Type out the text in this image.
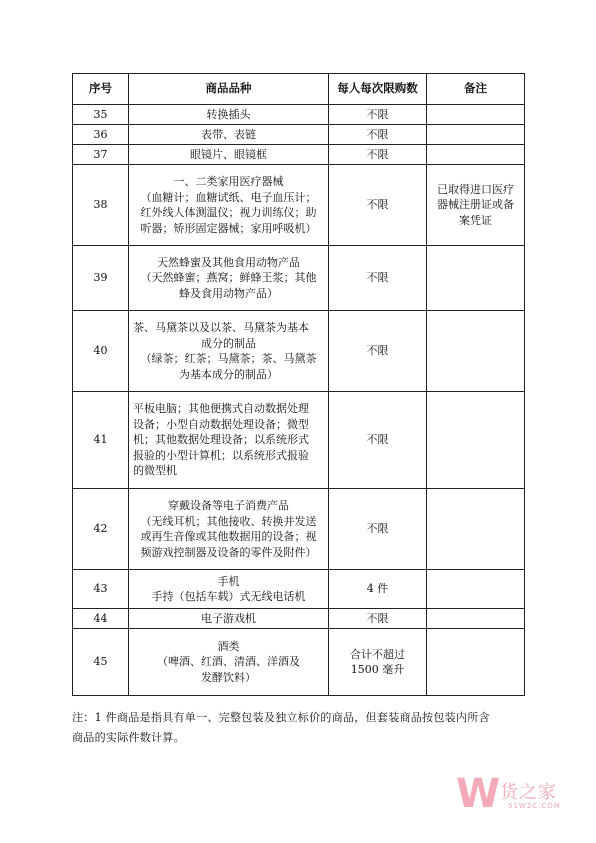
序号	商品品种	每人每次限购数	备注
35	转换插头	不限	

36	表带、表链	不限	

37	眼镜片、眼镜框	不限	

38	一、二类家用医疗器械
（血糖计；血糖试纸、电子血压计；
红外线人体测温仪；视力训练仪；助
听器；矫形固定器械；家用呼吸机）	不限	已取得进口医疗
器械注册证或备
案凭证

39	天然蜂蜜及其他食用动物产品
（天然蜂蜜；燕窝；鲜蜂王浆；其他
蜂及食用动物产品）	不限	

40	茶、马黛茶以及以茶、马黛茶为基本
成分的制品
（绿茶；红茶；马黛茶；茶、马黛茶
为基本成分的制品）	不限	

41	平板电脑；其他便携式自动数据处理
设备；小型自动数据处理设备；微型
机；其他数据处理设备；以系统形式
报验的小型计算机；以系统形式报验
的微型机	不限	

42	穿戴设备等电子消费产品
（无线耳机；其他接收、转换并发送
或再生音像或其他数据用的设备；视
频游戏控制器及设备的零件及附件）	不限	

43	手机
手持（包括车载）式无线电话机	4 件	

44	电子游戏机	不限	

45	酒类
（啤酒、红酒、清酒、洋酒及
发酵饮料）	合计不超过
1500 毫升	

注：1 件商品是指具有单一、完整包装及独立标价的商品，但套装商品按包装内所含
商品的实际件数计算。
W 货之家
51W2C.COM
